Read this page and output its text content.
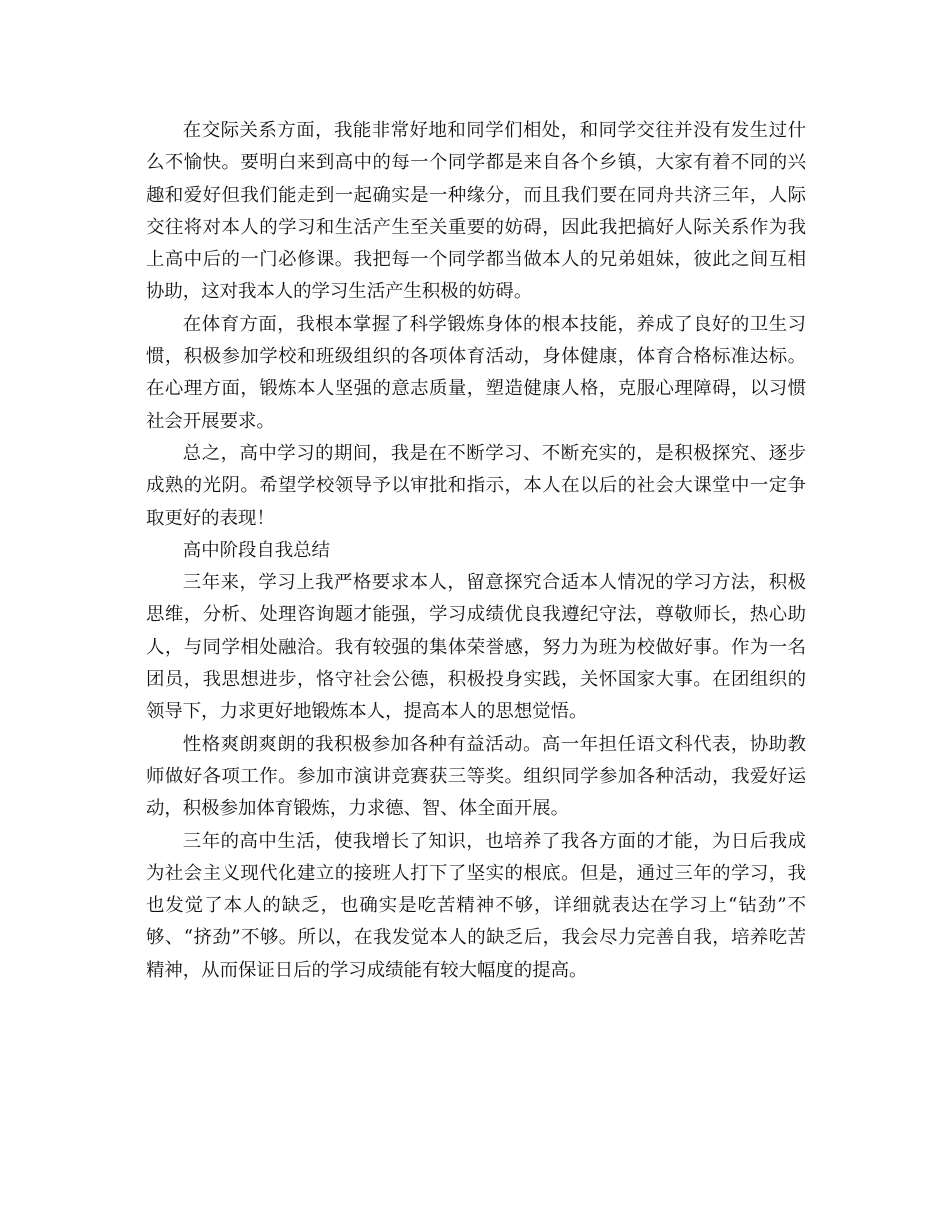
在交际关系方面，我能非常好地和同学们相处，和同学交往并没有发生过什么不愉快。要明白来到高中的每一个同学都是来自各个乡镇，大家有着不同的兴趣和爱好但我们能走到一起确实是一种缘分，而且我们要在同舟共济三年，人际交往将对本人的学习和生活产生至关重要的妨碍，因此我把搞好人际关系作为我上高中后的一门必修课。我把每一个同学都当做本人的兄弟姐妹，彼此之间互相协助，这对我本人的学习生活产生积极的妨碍。

在体育方面，我根本掌握了科学锻炼身体的根本技能，养成了良好的卫生习惯，积极参加学校和班级组织的各项体育活动，身体健康，体育合格标准达标。在心理方面，锻炼本人坚强的意志质量，塑造健康人格，克服心理障碍，以习惯社会开展要求。

总之，高中学习的期间，我是在不断学习、不断充实的，是积极探究、逐步成熟的光阴。希望学校领导予以审批和指示，本人在以后的社会大课堂中一定争取更好的表现！

高中阶段自我总结

三年来，学习上我严格要求本人，留意探究合适本人情况的学习方法，积极思维，分析、处理咨询题才能强，学习成绩优良我遵纪守法，尊敬师长，热心助人，与同学相处融洽。我有较强的集体荣誉感，努力为班为校做好事。作为一名团员，我思想进步，恪守社会公德，积极投身实践，关怀国家大事。在团组织的领导下，力求更好地锻炼本人，提高本人的思想觉悟。

性格爽朗爽朗的我积极参加各种有益活动。高一年担任语文科代表，协助教师做好各项工作。参加市演讲竞赛获三等奖。组织同学参加各种活动，我爱好运动，积极参加体育锻炼，力求德、智、体全面开展。

三年的高中生活，使我增长了知识，也培养了我各方面的才能，为日后我成为社会主义现代化建立的接班人打下了坚实的根底。但是，通过三年的学习，我也发觉了本人的缺乏，也确实是吃苦精神不够，详细就表达在学习上“钻劲”不够、“挤劲”不够。所以，在我发觉本人的缺乏后，我会尽力完善自我，培养吃苦精神，从而保证日后的学习成绩能有较大幅度的提高。
